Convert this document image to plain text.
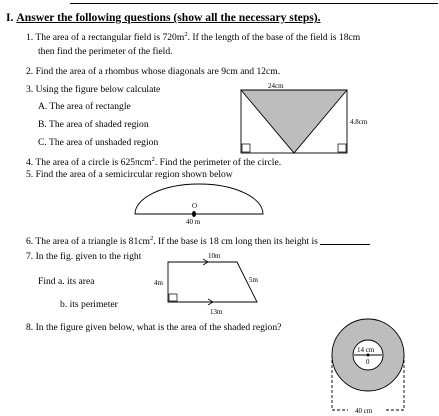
I. Answer the following questions (show all the necessary steps).
1. The area of a rectangular field is $720m^2$. If the length of the base of the field is 18cm
then find the perimeter of the field.
2. Find the area of a rhombus whose diagonals are 9cm and 12cm.
3. Using the figure below calculate
A. The area of rectangle
B. The area of shaded region
C. The area of unshaded region
24cm
4.8cm
4. The area of a circle is 625πcm$^2$. Find the perimeter of the circle.
5. Find the area of a semicircular region shown below
O
40 m
6. The area of a triangle is $81cm^2$. If the base is 18 cm long then its height is
7. In the fig. given to the right
Find a. its area
b. its perimeter
10m
4m	5m
13m
8. In the figure given below, what is the area of the shaded region?
14 cm
0
40 cm
